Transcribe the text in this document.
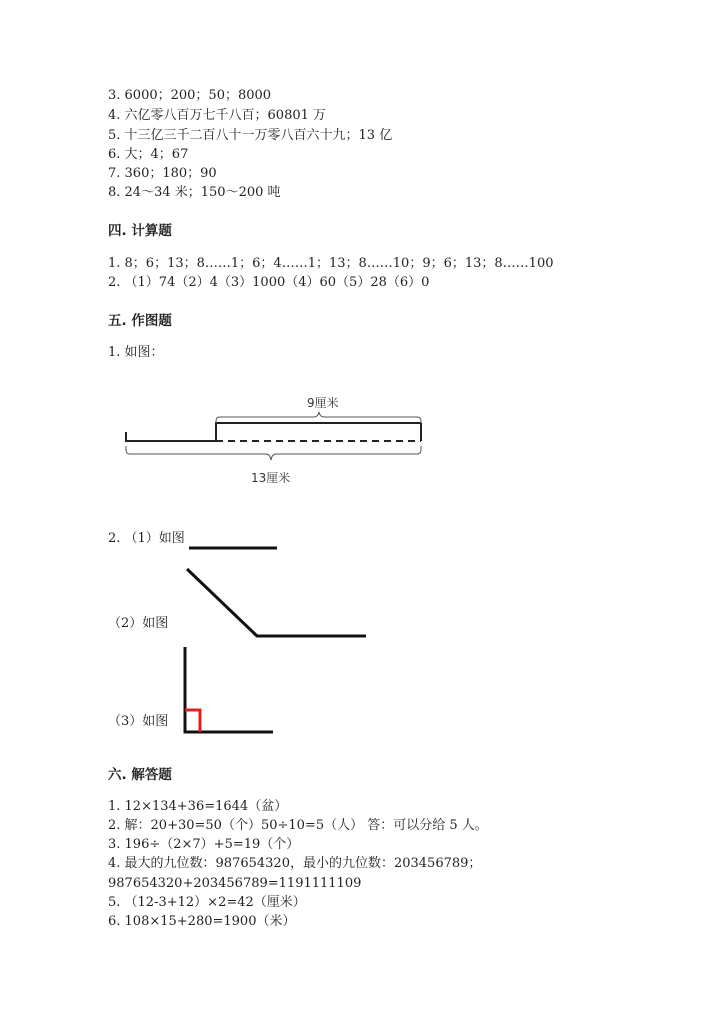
3. 6000；200；50；8000
4. 六亿零八百万七千八百；60801 万
5. 十三亿三千二百八十一万零八百六十九；13 亿
6. 大；4；67
7. 360；180；90
8. 24～34 米；150～200 吨
四. 计算题
1. 8；6；13；8……1；6；4……1；13；8……10；9；6；13；8……100
2. （1）74（2）4（3）1000（4）60（5）28（6）0
五. 作图题
1. 如图：
9厘米
13厘米
2. （1）如图
（2）如图
（3）如图
六. 解答题
1. 12×134+36=1644（盆）
2. 解：20+30=50（个）50÷10=5（人） 答：可以分给 5 人。
3. 196÷（2×7）+5=19（个）
4. 最大的九位数：987654320，最小的九位数：203456789；
987654320+203456789=1191111109
5. （12-3+12）×2=42（厘米）
6. 108×15+280=1900（米）
